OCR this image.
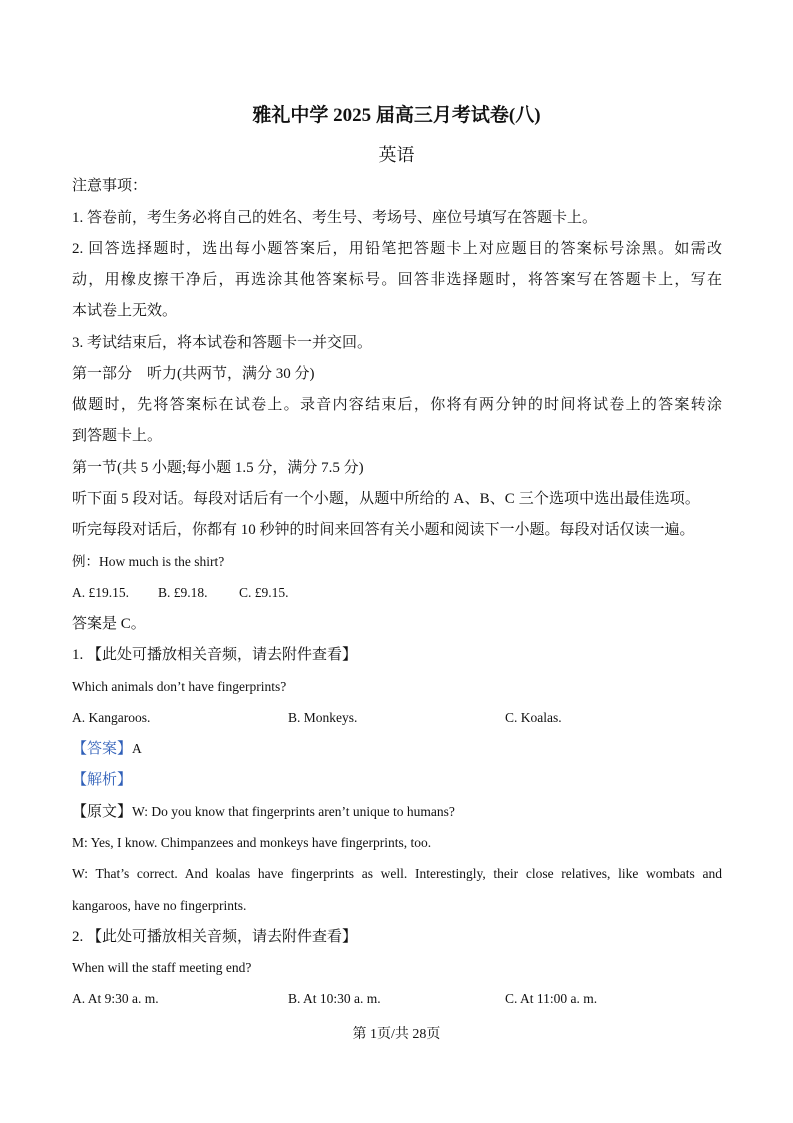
雅礼中学 2025 届高三月考试卷(八)
英语
注意事项：
1. 答卷前，考生务必将自己的姓名、考生号、考场号、座位号填写在答题卡上。
2. 回答选择题时，选出每小题答案后，用铅笔把答题卡上对应题目的答案标号涂黑。如需改
动，用橡皮擦干净后，再选涂其他答案标号。回答非选择题时，将答案写在答题卡上，写在
本试卷上无效。
3. 考试结束后，将本试卷和答题卡一并交回。
第一部分　听力(共两节，满分 30 分)
做题时，先将答案标在试卷上。录音内容结束后，你将有两分钟的时间将试卷上的答案转涂
到答题卡上。
第一节(共 5 小题;每小题 1.5 分，满分 7.5 分)
听下面 5 段对话。每段对话后有一个小题，从题中所给的 A、B、C 三个选项中选出最佳选项。
听完每段对话后，你都有 10 秒钟的时间来回答有关小题和阅读下一小题。每段对话仅读一遍。
例：How much is the shirt?
A. £19.15. B. £9.18. C. £9.15.
答案是 C。
1. 【此处可播放相关音频，请去附件查看】
Which animals don’t have fingerprints?
A. Kangaroos.	B. Monkeys.	C. Koalas.
【答案】A
【解析】
【原文】W: Do you know that fingerprints aren’t unique to humans?
M: Yes, I know. Chimpanzees and monkeys have fingerprints, too.
W: That’s correct. And koalas have fingerprints as well. Interestingly, their close relatives, like wombats and
kangaroos, have no fingerprints.
2. 【此处可播放相关音频，请去附件查看】
When will the staff meeting end?
A. At 9:30 a. m.	B. At 10:30 a. m.	C. At 11:00 a. m.
第 1页/共 28页
